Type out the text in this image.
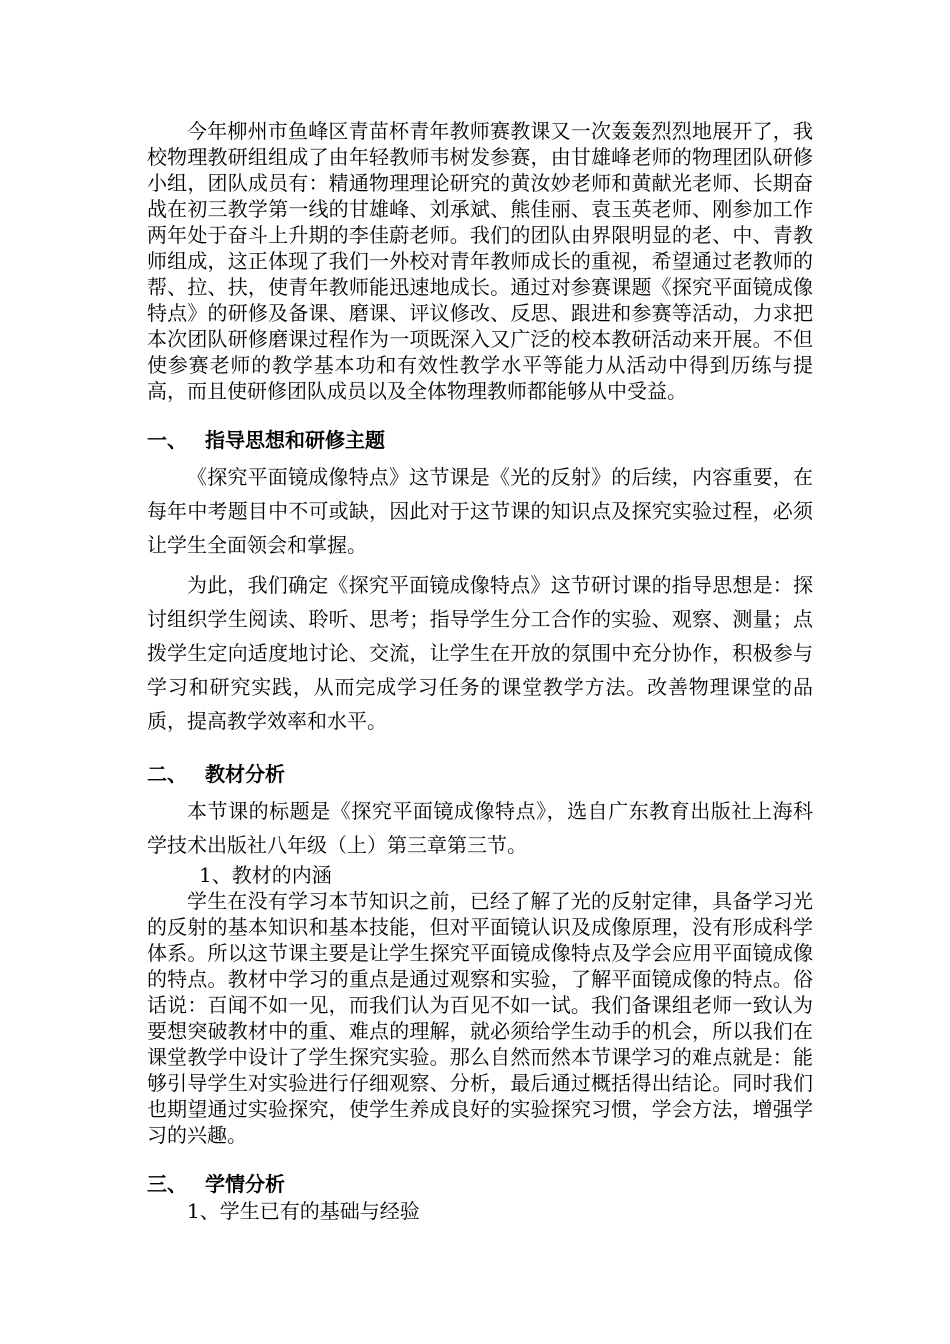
今年柳州市鱼峰区青苗杯青年教师赛教课又一次轰轰烈烈地展开了，我校物理教研组组成了由年轻教师韦树发参赛，由甘雄峰老师的物理团队研修小组，团队成员有：精通物理理论研究的黄汝妙老师和黄献光老师、长期奋战在初三教学第一线的甘雄峰、刘承斌、熊佳丽、袁玉英老师、刚参加工作两年处于奋斗上升期的李佳蔚老师。我们的团队由界限明显的老、中、青教师组成，这正体现了我们一外校对青年教师成长的重视，希望通过老教师的帮、拉、扶，使青年教师能迅速地成长。通过对参赛课题《探究平面镜成像特点》的研修及备课、磨课、评议修改、反思、跟进和参赛等活动，力求把本次团队研修磨课过程作为一项既深入又广泛的校本教研活动来开展。不但使参赛老师的教学基本功和有效性教学水平等能力从活动中得到历练与提高，而且使研修团队成员以及全体物理教师都能够从中受益。

一、 指导思想和研修主题

《探究平面镜成像特点》这节课是《光的反射》的后续，内容重要，在每年中考题目中不可或缺，因此对于这节课的知识点及探究实验过程，必须让学生全面领会和掌握。

为此，我们确定《探究平面镜成像特点》这节研讨课的指导思想是：探讨组织学生阅读、聆听、思考；指导学生分工合作的实验、观察、测量；点拨学生定向适度地讨论、交流，让学生在开放的氛围中充分协作，积极参与学习和研究实践，从而完成学习任务的课堂教学方法。改善物理课堂的品质，提高教学效率和水平。

二、 教材分析

本节课的标题是《探究平面镜成像特点》，选自广东教育出版社上海科学技术出版社八年级（上）第三章第三节。

1、教材的内涵

学生在没有学习本节知识之前，已经了解了光的反射定律，具备学习光的反射的基本知识和基本技能，但对平面镜认识及成像原理，没有形成科学体系。所以这节课主要是让学生探究平面镜成像特点及学会应用平面镜成像的特点。教材中学习的重点是通过观察和实验，了解平面镜成像的特点。俗话说：百闻不如一见，而我们认为百见不如一试。我们备课组老师一致认为要想突破教材中的重、难点的理解，就必须给学生动手的机会，所以我们在课堂教学中设计了学生探究实验。那么自然而然本节课学习的难点就是：能够引导学生对实验进行仔细观察、分析，最后通过概括得出结论。同时我们也期望通过实验探究，使学生养成良好的实验探究习惯，学会方法，增强学习的兴趣。

三、 学情分析

1、学生已有的基础与经验
